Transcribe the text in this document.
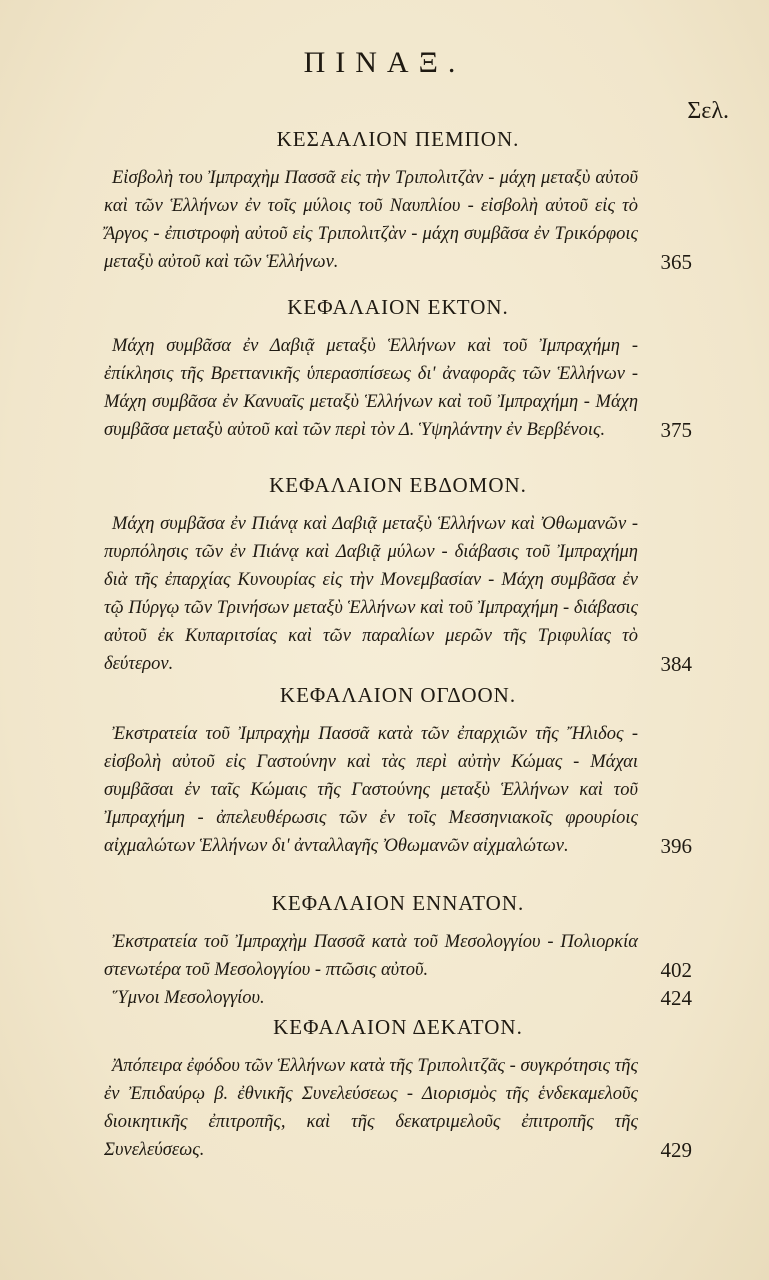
ΠΙΝΑΞ.
Σελ.
ΚΕΣΑΑΛΙΟΝ ΠΕΜΠΟΝ.
Εἰσβολὴ του Ἰμπραχὴμ Πασσᾶ εἰς τὴν Τριπολιτζὰν - μάχη μεταξὺ αὐτοῦ καὶ τῶν Ἑλλήνων ἐν τοῖς μύλοις τοῦ Ναυπλίου - εἰσβολὴ αὐτοῦ εἰς τὸ Ἄργος - ἐπιστροφὴ αὐτοῦ εἰς Τριπολιτζὰν - μάχη συμβᾶσα ἐν Τρικόρφοις μεταξὺ αὐτοῦ καὶ τῶν Ἑλλήνων.	365
ΚΕΦΑΛΑΙΟΝ ΕΚΤΟΝ.
Μάχη συμβᾶσα ἐν Δαβιᾷ μεταξὺ Ἑλλήνων καὶ τοῦ Ἰμπραχήμη - ἐπίκλησις τῆς Βρεττανικῆς ὑπερασπίσεως δι' ἀναφορᾶς τῶν Ἑλλήνων - Μάχη συμβᾶσα ἐν Κανυαῖς μεταξὺ Ἑλλήνων καὶ τοῦ Ἰμπραχήμη - Μάχη συμβᾶσα μεταξὺ αὐτοῦ καὶ τῶν περὶ τὸν Δ. Ὑψηλάντην ἐν Βερβένοις.	375
ΚΕΦΑΛΑΙΟΝ ΕΒΔΟΜΟΝ.
Μάχη συμβᾶσα ἐν Πιάνᾳ καὶ Δαβιᾷ μεταξὺ Ἑλλήνων καὶ Ὀθωμανῶν - πυρπόλησις τῶν ἐν Πιάνᾳ καὶ Δαβιᾷ μύλων - διάβασις τοῦ Ἰμπραχήμη διὰ τῆς ἐπαρχίας Κυνουρίας εἰς τὴν Μονεμβασίαν - Μάχη συμβᾶσα ἐν τῷ Πύργῳ τῶν Τρινήσων μεταξὺ Ἑλλήνων καὶ τοῦ Ἰμπραχήμη - διάβασις αὐτοῦ ἐκ Κυπαριτσίας καὶ τῶν παραλίων μερῶν τῆς Τριφυλίας τὸ δεύτερον.	384
ΚΕΦΑΛΑΙΟΝ ΟΓΔΟΟΝ.
Ἐκστρατεία τοῦ Ἰμπραχὴμ Πασσᾶ κατὰ τῶν ἐπαρχιῶν τῆς Ἤλιδος - εἰσβολὴ αὐτοῦ εἰς Γαστούνην καὶ τὰς περὶ αὐτὴν Κώμας - Μάχαι συμβᾶσαι ἐν ταῖς Κώμαις τῆς Γαστούνης μεταξὺ Ἑλλήνων καὶ τοῦ Ἰμπραχήμη - ἀπελευθέρωσις τῶν ἐν τοῖς Μεσσηνιακοῖς φρουρίοις αἰχμαλώτων Ἑλλήνων δι' ἀνταλλαγῆς Ὀθωμανῶν αἰχμαλώτων.	396
ΚΕΦΑΛΑΙΟΝ ΕΝΝΑΤΟΝ.
Ἐκστρατεία τοῦ Ἰμπραχὴμ Πασσᾶ κατὰ τοῦ Μεσολογγίου - Πολιορκία στενωτέρα τοῦ Μεσολογγίου - πτῶσις αὐτοῦ.	402
Ὕμνοι Μεσολογγίου.	424
ΚΕΦΑΛΑΙΟΝ ΔΕΚΑΤΟΝ.
Ἀπόπειρα ἐφόδου τῶν Ἑλλήνων κατὰ τῆς Τριπολιτζᾶς - συγκρότησις τῆς ἐν Ἐπιδαύρῳ β. ἐθνικῆς Συνελεύσεως - Διορισμὸς τῆς ἑνδεκαμελοῦς διοικητικῆς ἐπιτροπῆς, καὶ τῆς δεκατριμελοῦς ἐπιτροπῆς τῆς Συνελεύσεως.	429
